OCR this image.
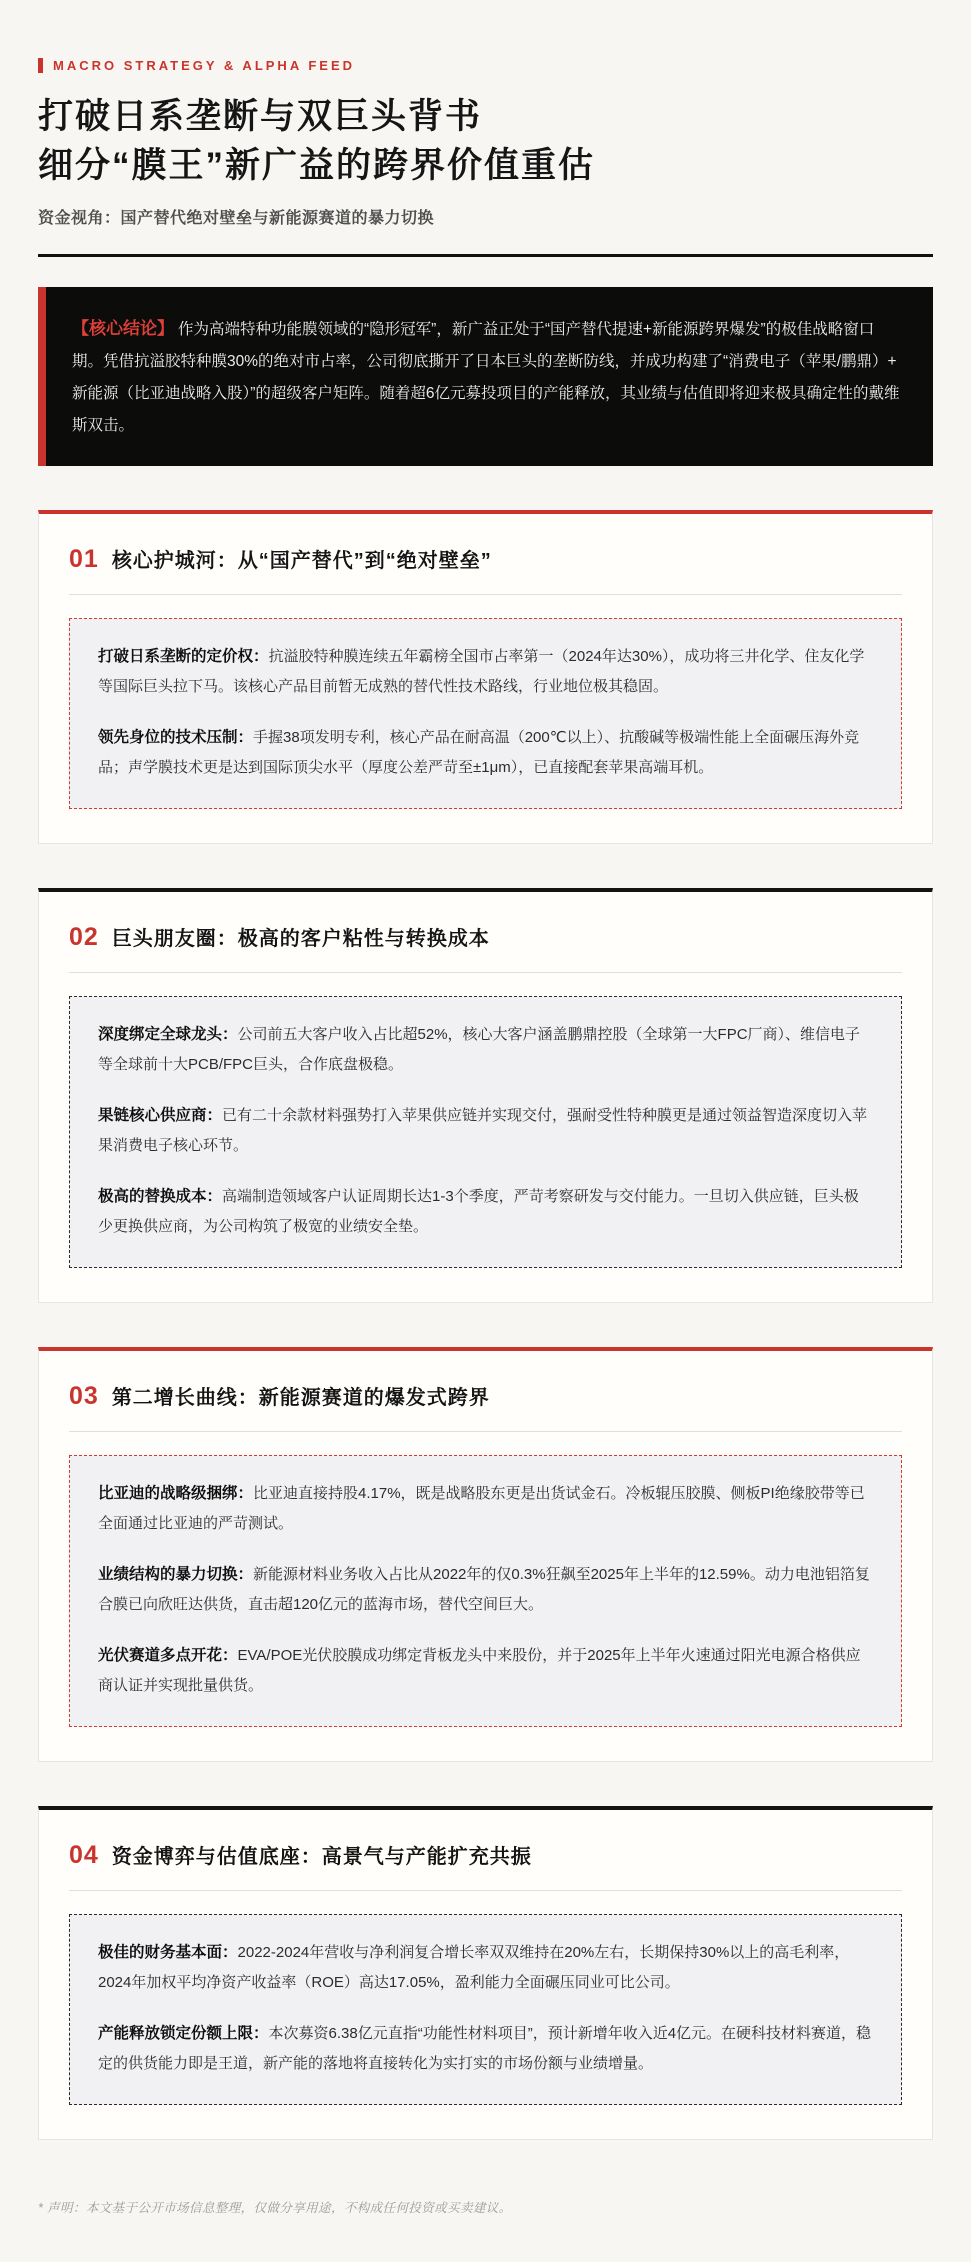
MACRO STRATEGY & ALPHA FEED
打破日系垄断与双巨头背书
细分“膜王”新广益的跨界价值重估
资金视角：国产替代绝对壁垒与新能源赛道的暴力切换
【核心结论】 作为高端特种功能膜领域的“隐形冠军”，新广益正处于“国产替代提速+新能源跨界爆发”的极佳战略窗口期。凭借抗溢胶特种膜30%的绝对市占率，公司彻底撕开了日本巨头的垄断防线，并成功构建了“消费电子（苹果/鹏鼎）+ 新能源（比亚迪战略入股）”的超级客户矩阵。随着超6亿元募投项目的产能释放，其业绩与估值即将迎来极具确定性的戴维斯双击。
01 核心护城河：从“国产替代”到“绝对壁垒”

打破日系垄断的定价权：抗溢胶特种膜连续五年霸榜全国市占率第一（2024年达30%），成功将三井化学、住友化学等国际巨头拉下马。该核心产品目前暂无成熟的替代性技术路线，行业地位极其稳固。

领先身位的技术压制：手握38项发明专利，核心产品在耐高温（200℃以上）、抗酸碱等极端性能上全面碾压海外竞品；声学膜技术更是达到国际顶尖水平（厚度公差严苛至±1μm），已直接配套苹果高端耳机。

02 巨头朋友圈：极高的客户粘性与转换成本

深度绑定全球龙头：公司前五大客户收入占比超52%，核心大客户涵盖鹏鼎控股（全球第一大FPC厂商）、维信电子等全球前十大PCB/FPC巨头，合作底盘极稳。

果链核心供应商：已有二十余款材料强势打入苹果供应链并实现交付，强耐受性特种膜更是通过领益智造深度切入苹果消费电子核心环节。

极高的替换成本：高端制造领域客户认证周期长达1-3个季度，严苛考察研发与交付能力。一旦切入供应链，巨头极少更换供应商，为公司构筑了极宽的业绩安全垫。

03 第二增长曲线：新能源赛道的爆发式跨界

比亚迪的战略级捆绑：比亚迪直接持股4.17%，既是战略股东更是出货试金石。冷板辊压胶膜、侧板PI绝缘胶带等已全面通过比亚迪的严苛测试。

业绩结构的暴力切换：新能源材料业务收入占比从2022年的仅0.3%狂飙至2025年上半年的12.59%。动力电池铝箔复合膜已向欣旺达供货，直击超120亿元的蓝海市场，替代空间巨大。

光伏赛道多点开花：EVA/POE光伏胶膜成功绑定背板龙头中来股份，并于2025年上半年火速通过阳光电源合格供应商认证并实现批量供货。

04 资金博弈与估值底座：高景气与产能扩充共振

极佳的财务基本面：2022-2024年营收与净利润复合增长率双双维持在20%左右，长期保持30%以上的高毛利率，2024年加权平均净资产收益率（ROE）高达17.05%，盈利能力全面碾压同业可比公司。

产能释放锁定份额上限：本次募资6.38亿元直指“功能性材料项目”，预计新增年收入近4亿元。在硬科技材料赛道，稳定的供货能力即是王道，新产能的落地将直接转化为实打实的市场份额与业绩增量。

* 声明：本文基于公开市场信息整理，仅做分享用途，不构成任何投资或买卖建议。
